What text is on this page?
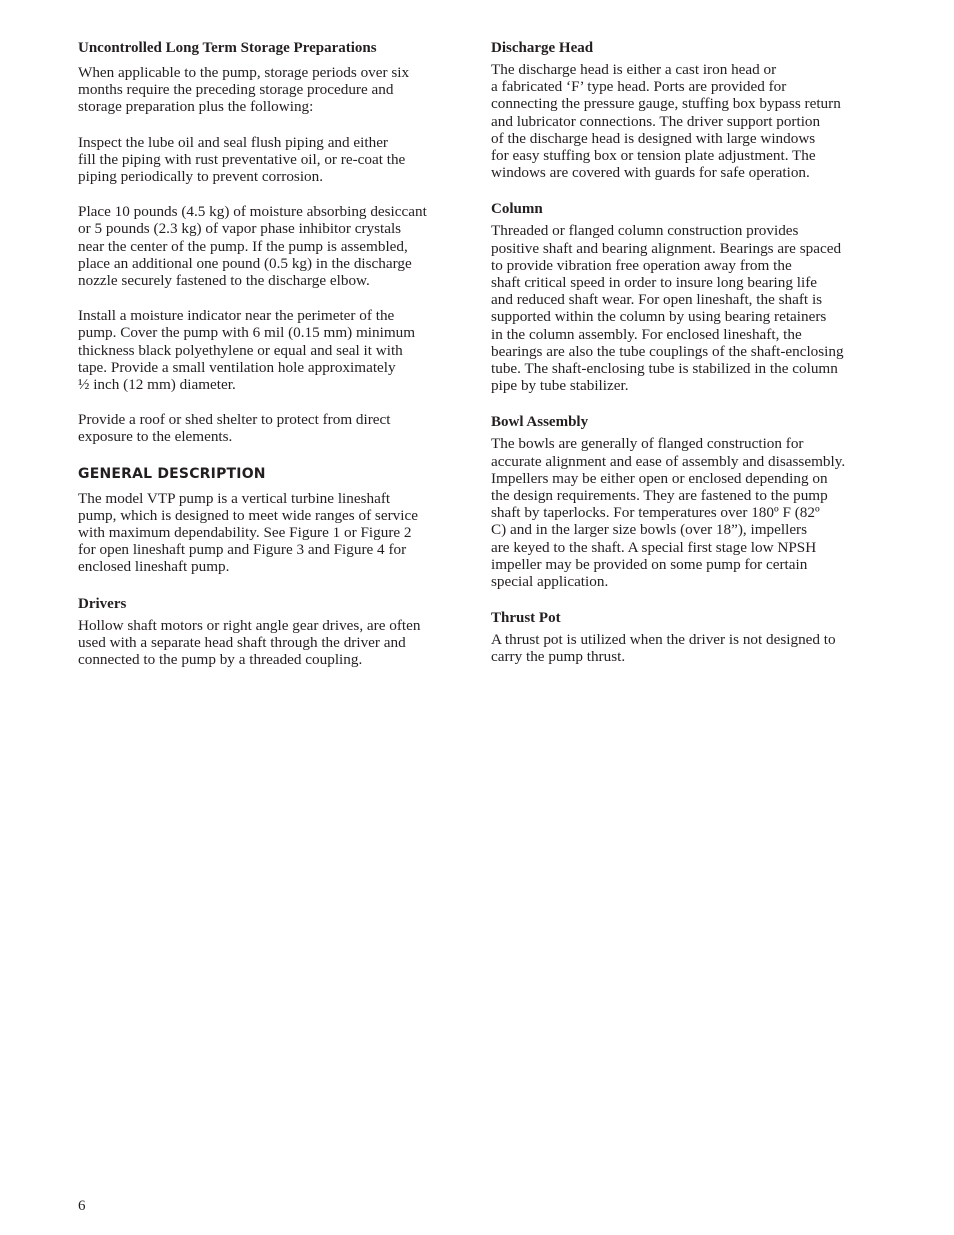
Uncontrolled Long Term Storage Preparations

When applicable to the pump, storage periods over six
months require the preceding storage procedure and
storage preparation plus the following:

Inspect the lube oil and seal flush piping and either
fill the piping with rust preventative oil, or re-coat the
piping periodically to prevent corrosion.

Place 10 pounds (4.5 kg) of moisture absorbing desiccant
or 5 pounds (2.3 kg) of vapor phase inhibitor crystals
near the center of the pump. If the pump is assembled,
place an additional one pound (0.5 kg) in the discharge
nozzle securely fastened to the discharge elbow.

Install a moisture indicator near the perimeter of the
pump. Cover the pump with 6 mil (0.15 mm) minimum
thickness black polyethylene or equal and seal it with
tape. Provide a small ventilation hole approximately
½ inch (12 mm) diameter.

Provide a roof or shed shelter to protect from direct
exposure to the elements.

GENERAL DESCRIPTION

The model VTP pump is a vertical turbine lineshaft
pump, which is designed to meet wide ranges of service
with maximum dependability. See Figure 1 or Figure 2
for open lineshaft pump and Figure 3 and Figure 4 for
enclosed lineshaft pump.

Drivers

Hollow shaft motors or right angle gear drives, are often
used with a separate head shaft through the driver and
connected to the pump by a threaded coupling.

Discharge Head

The discharge head is either a cast iron head or
a fabricated ‘F’ type head. Ports are provided for
connecting the pressure gauge, stuffing box bypass return
and lubricator connections. The driver support portion
of the discharge head is designed with large windows
for easy stuffing box or tension plate adjustment. The
windows are covered with guards for safe operation.

Column

Threaded or flanged column construction provides
positive shaft and bearing alignment. Bearings are spaced
to provide vibration free operation away from the
shaft critical speed in order to insure long bearing life
and reduced shaft wear. For open lineshaft, the shaft is
supported within the column by using bearing retainers
in the column assembly. For enclosed lineshaft, the
bearings are also the tube couplings of the shaft-enclosing
tube. The shaft-enclosing tube is stabilized in the column
pipe by tube stabilizer.

Bowl Assembly

The bowls are generally of flanged construction for
accurate alignment and ease of assembly and disassembly.
Impellers may be either open or enclosed depending on
the design requirements. They are fastened to the pump
shaft by taperlocks. For temperatures over 180º F (82º
C) and in the larger size bowls (over 18”), impellers
are keyed to the shaft. A special first stage low NPSH
impeller may be provided on some pump for certain
special application.

Thrust Pot

A thrust pot is utilized when the driver is not designed to
carry the pump thrust.

6
